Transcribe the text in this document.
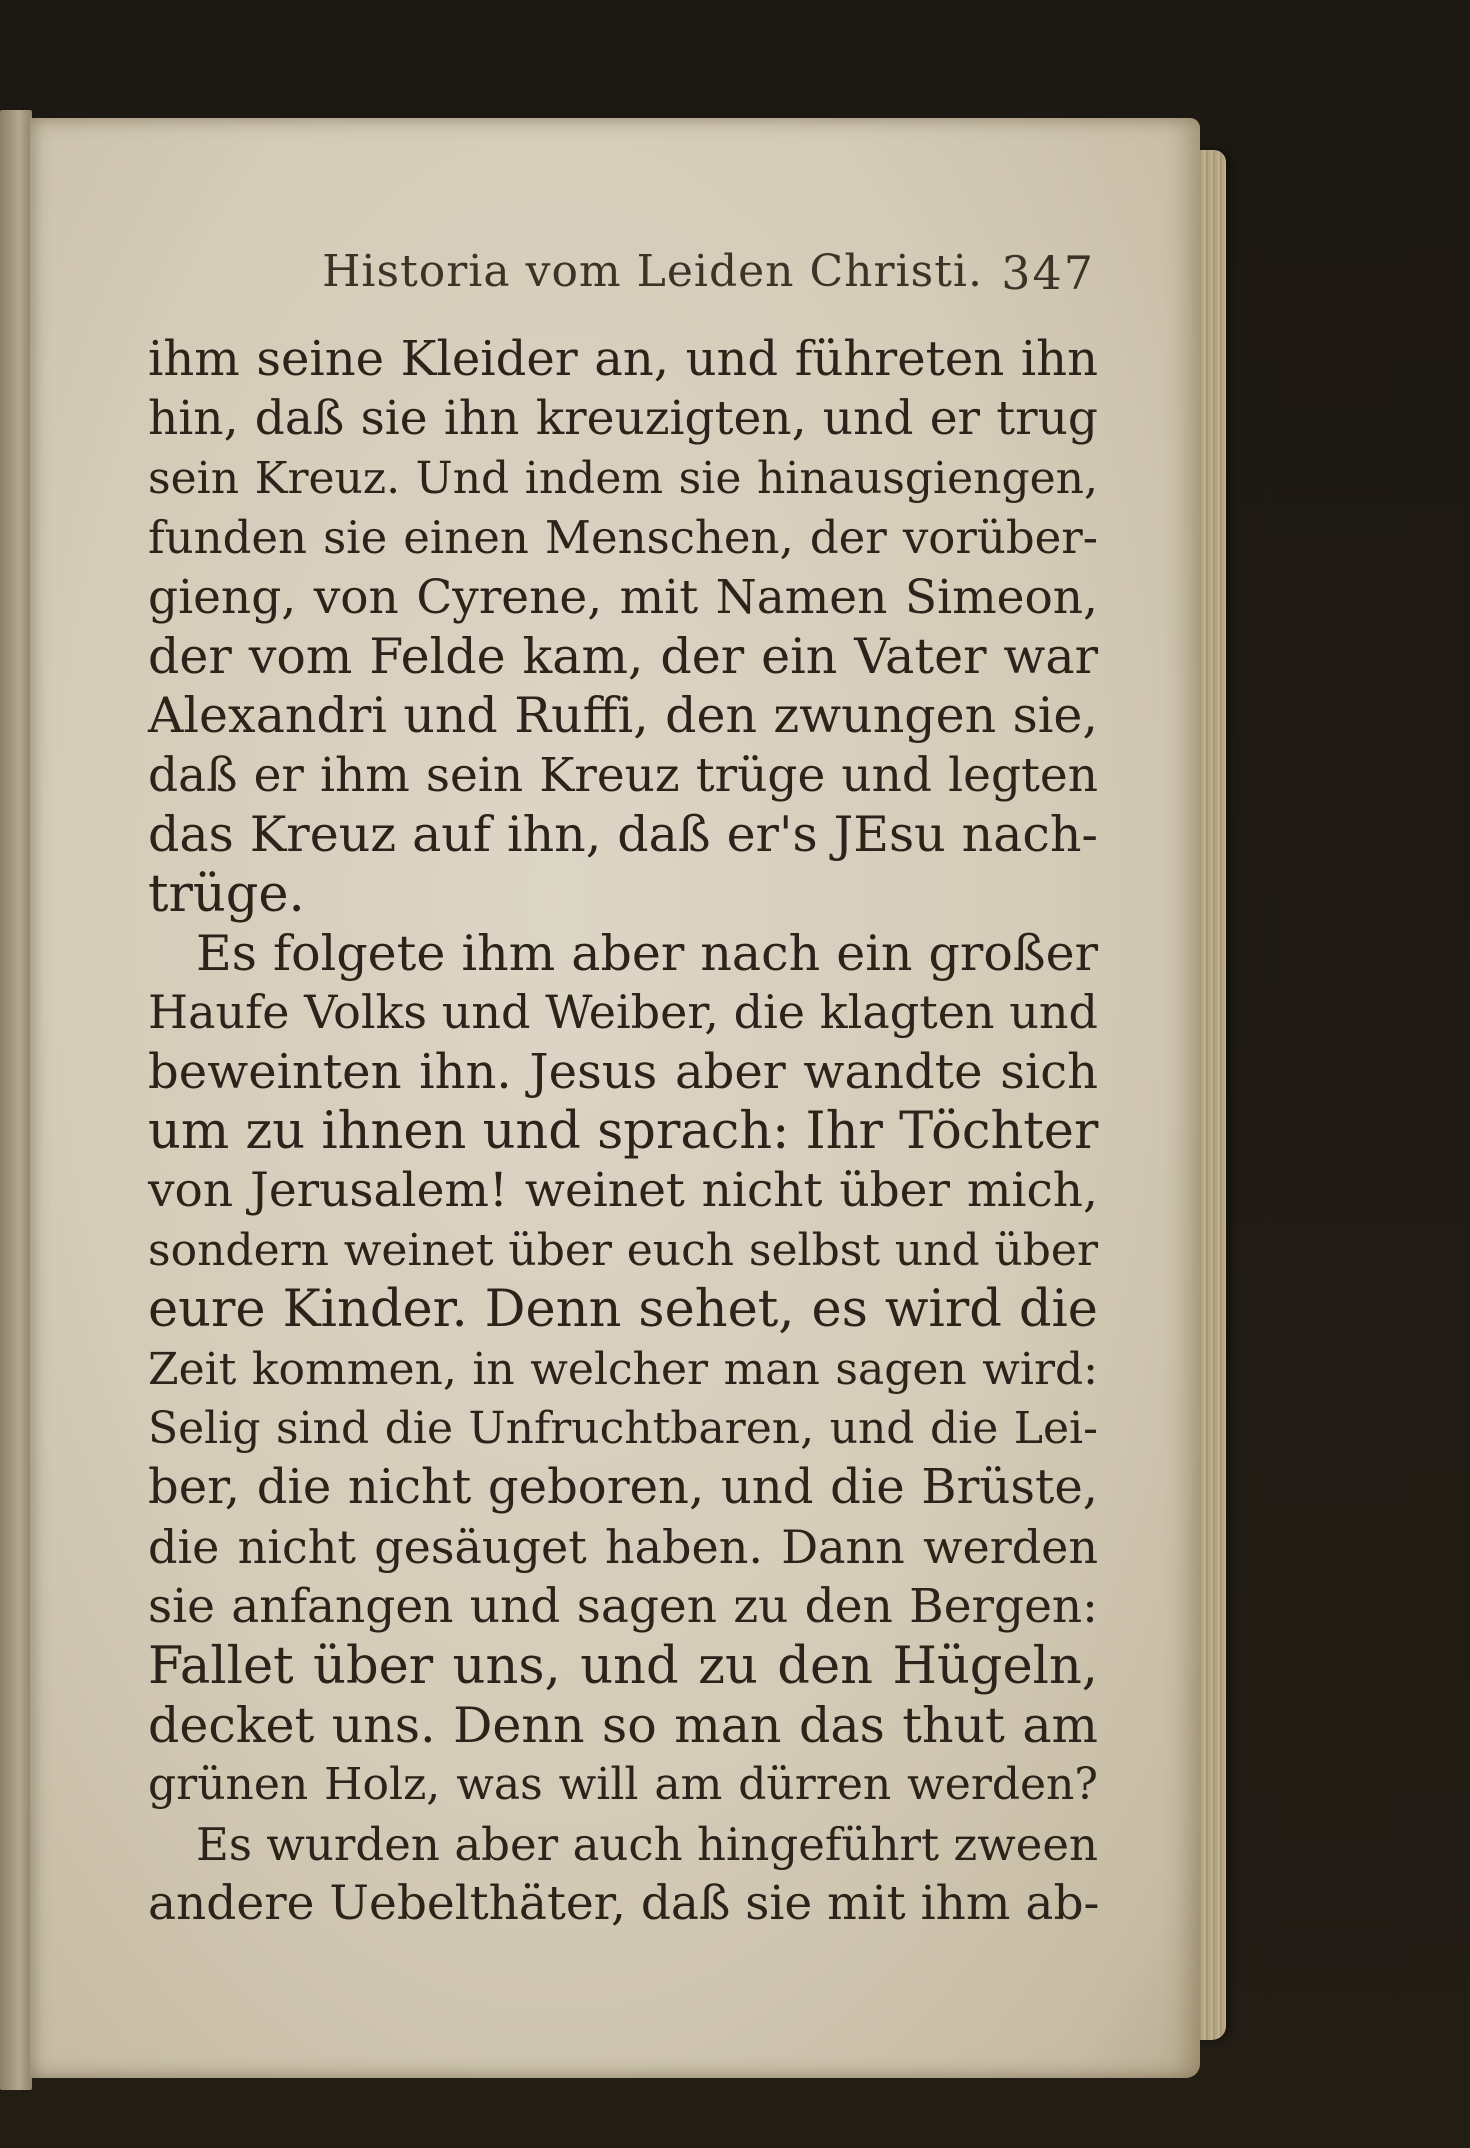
Historia vom Leiden Christi. 347
ihm seine Kleider an, und führeten ihn
hin, daß sie ihn kreuzigten, und er trug
sein Kreuz. Und indem sie hinausgiengen,
funden sie einen Menschen, der vorüber-
gieng, von Cyrene, mit Namen Simeon,
der vom Felde kam, der ein Vater war
Alexandri und Ruffi, den zwungen sie,
daß er ihm sein Kreuz trüge und legten
das Kreuz auf ihn, daß er's JEsu nach-
trüge.
Es folgete ihm aber nach ein großer
Haufe Volks und Weiber, die klagten und
beweinten ihn. Jesus aber wandte sich
um zu ihnen und sprach: Ihr Töchter
von Jerusalem! weinet nicht über mich,
sondern weinet über euch selbst und über
eure Kinder. Denn sehet, es wird die
Zeit kommen, in welcher man sagen wird:
Selig sind die Unfruchtbaren, und die Lei-
ber, die nicht geboren, und die Brüste,
die nicht gesäuget haben. Dann werden
sie anfangen und sagen zu den Bergen:
Fallet über uns, und zu den Hügeln,
decket uns. Denn so man das thut am
grünen Holz, was will am dürren werden?
Es wurden aber auch hingeführt zween
andere Uebelthäter, daß sie mit ihm ab-
